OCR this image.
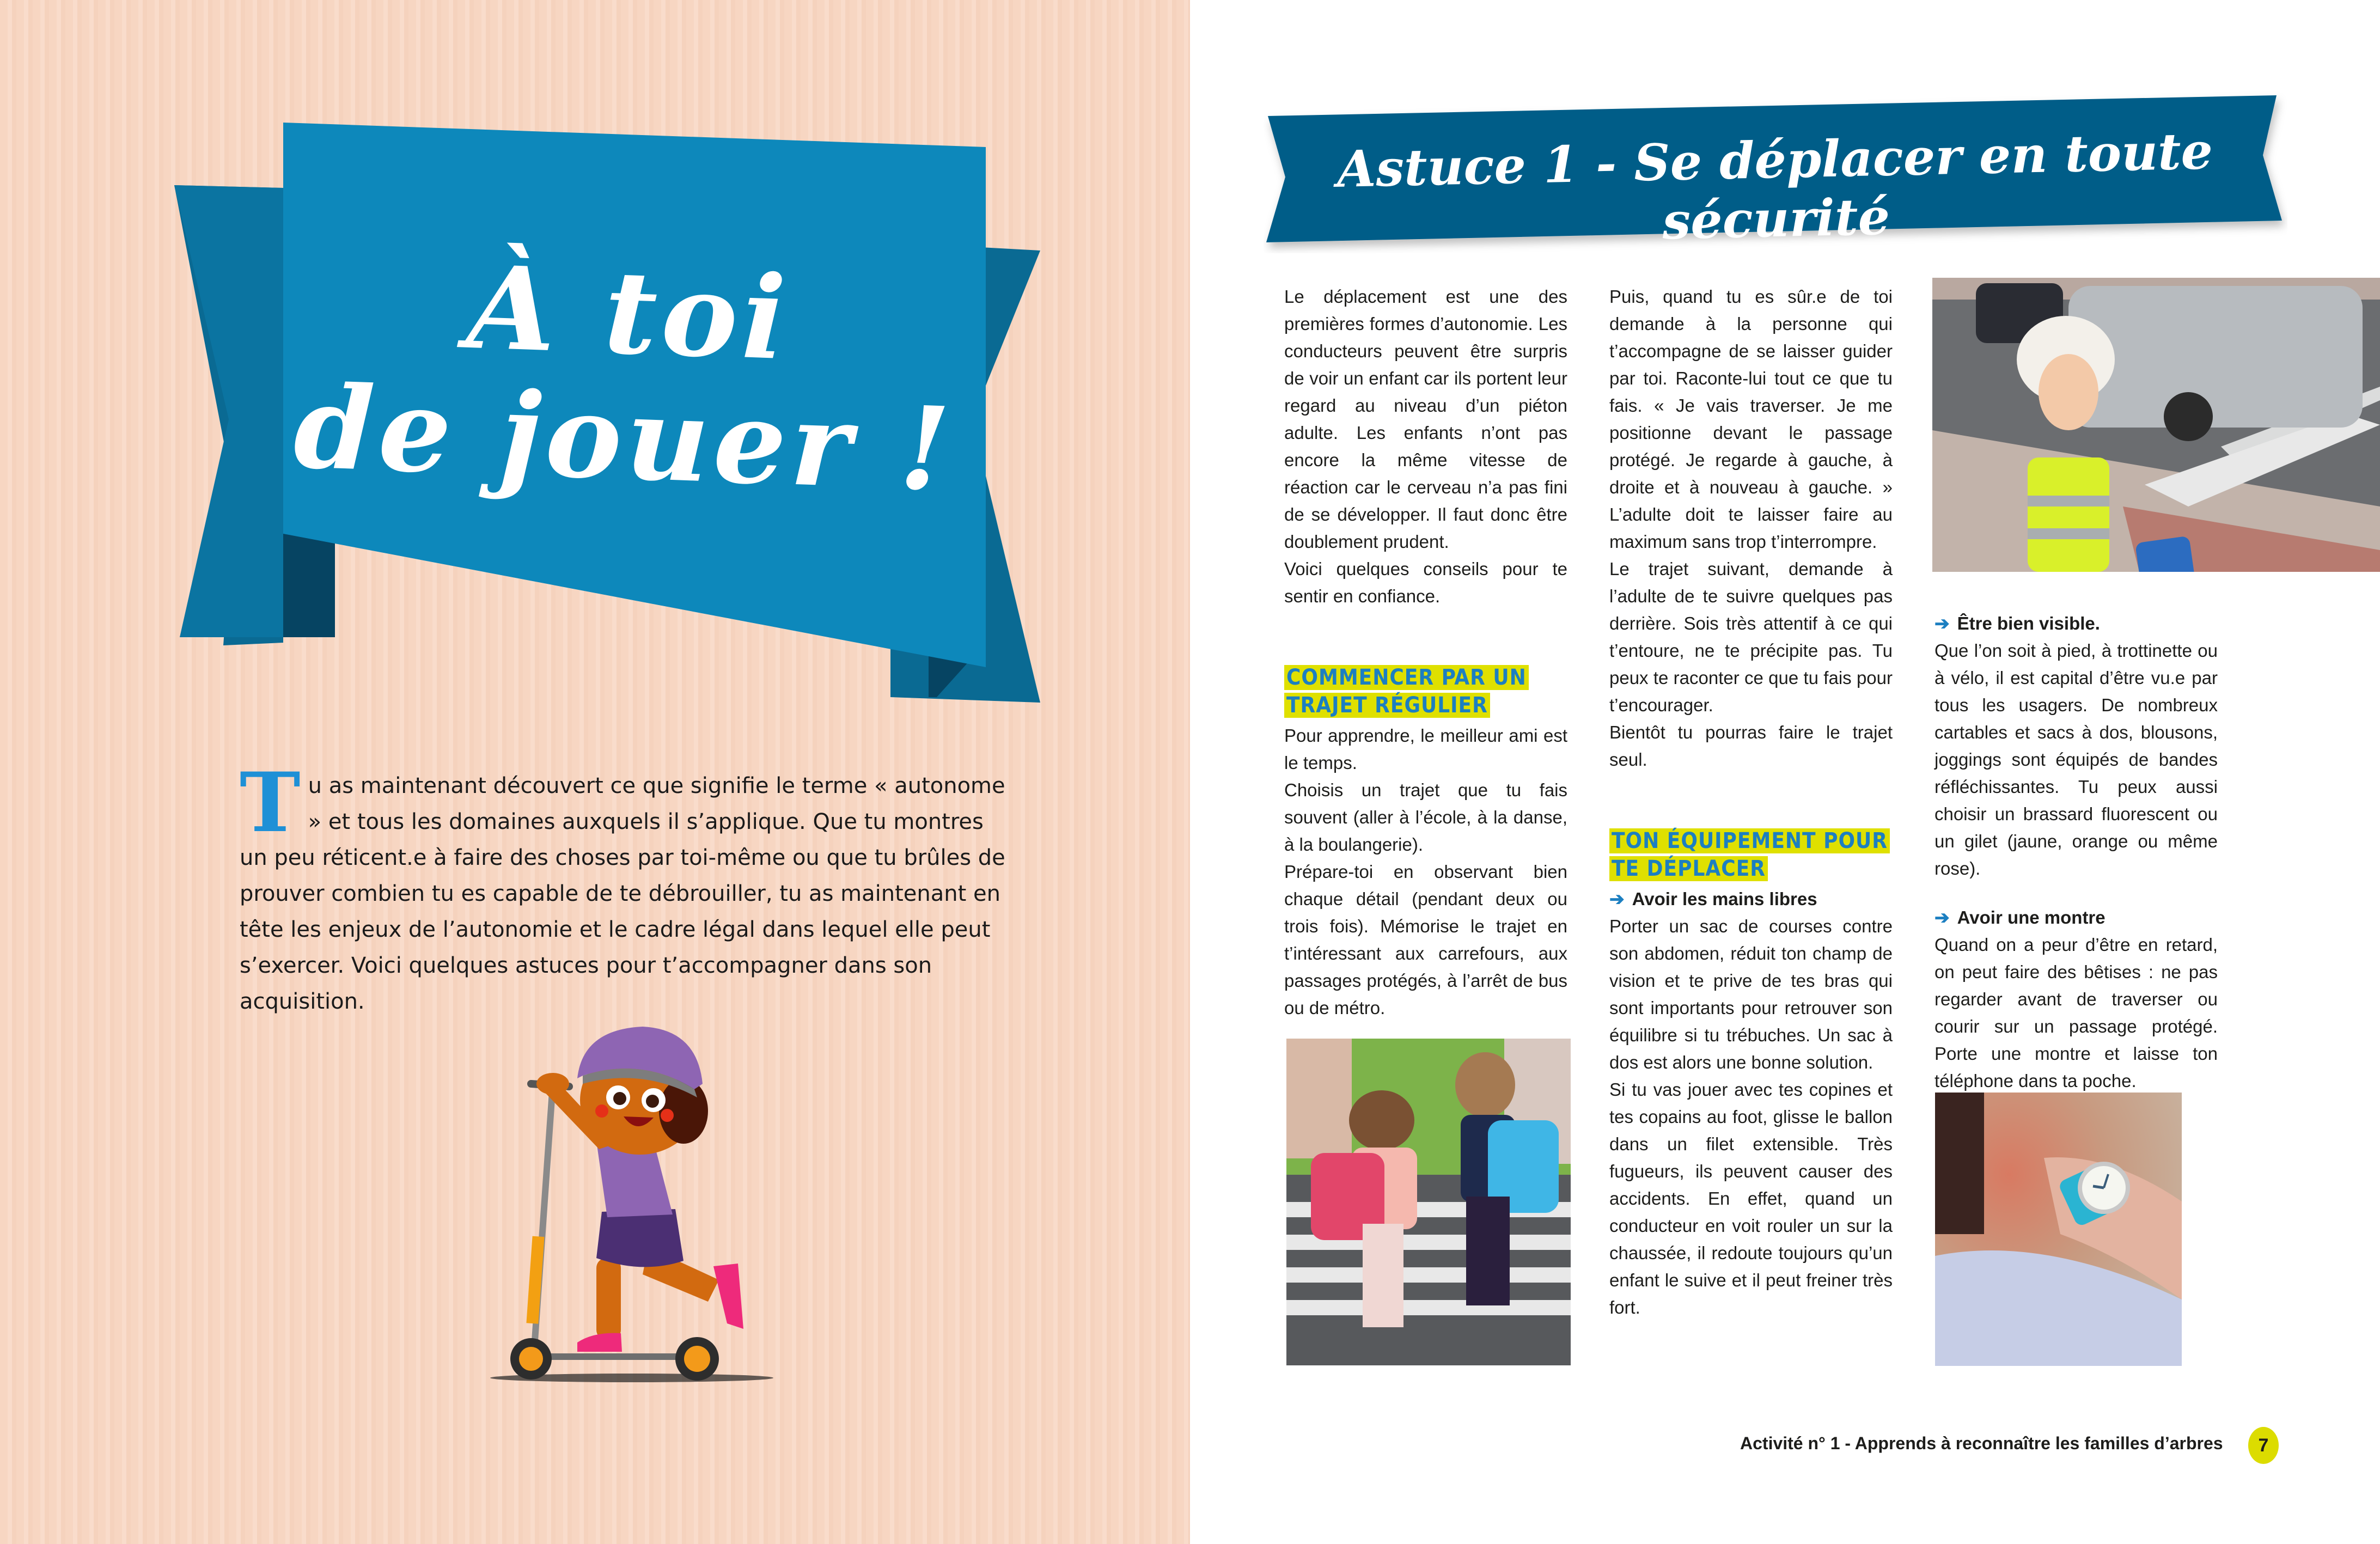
À toi
de jouer !
T u as maintenant découvert ce que signifie le terme « autonome » et tous les domaines auxquels il s’applique. Que tu montres un peu réticent.e à faire des choses par toi-même ou que tu brûles de prouver combien tu es capable de te débrouiller, tu as maintenant en tête les enjeux de l’autonomie et le cadre légal dans lequel elle peut s’exercer. Voici quelques astuces pour t’accompagner dans son acquisition.
Astuce 1 - Se déplacer en toute sécurité

Le déplacement est une des premières formes d’autonomie. Les conducteurs peuvent être surpris de voir un enfant car ils portent leur regard au niveau d’un piéton adulte. Les enfants n’ont pas encore la même vitesse de réaction car le cerveau n’a pas fini de se développer. Il faut donc être doublement prudent.

Voici quelques conseils pour te sentir en confiance.

COMMENCER PAR UN TRAJET RÉGULIER

Pour apprendre, le meilleur ami est le temps.

Choisis un trajet que tu fais souvent (aller à l’école, à la danse, à la boulangerie).

Prépare-toi en observant bien chaque détail (pendant deux ou trois fois). Mémorise le trajet en t’intéressant aux carrefours, aux passages protégés, à l’arrêt de bus ou de métro.

Puis, quand tu es sûr.e de toi demande à la personne qui t’accompagne de se laisser guider par toi. Raconte-lui tout ce que tu fais. « Je vais traverser. Je me positionne devant le passage protégé. Je regarde à gauche, à droite et à nouveau à gauche. » L’adulte doit te laisser faire au maximum sans trop t’interrompre.

Le trajet suivant, demande à l’adulte de te suivre quelques pas derrière. Sois très attentif à ce qui t’entoure, ne te précipite pas. Tu peux te raconter ce que tu fais pour t’encourager.

Bientôt tu pourras faire le trajet seul.

TON ÉQUIPEMENT POUR TE DÉPLACER

➔ Avoir les mains libres

Porter un sac de courses contre son abdomen, réduit ton champ de vision et te prive de tes bras qui sont importants pour retrouver son équilibre si tu trébuches. Un sac à dos est alors une bonne solution.

Si tu vas jouer avec tes copines et tes copains au foot, glisse le ballon dans un filet extensible. Très fugueurs, ils peuvent causer des accidents. En effet, quand un conducteur en voit rouler un sur la chaussée, il redoute toujours qu’un enfant le suive et il peut freiner très fort.

➔ Être bien visible.

Que l’on soit à pied, à trottinette ou à vélo, il est capital d’être vu.e par tous les usagers. De nombreux cartables et sacs à dos, blousons, joggings sont équipés de bandes réfléchissantes. Tu peux aussi choisir un brassard fluorescent ou un gilet (jaune, orange ou même rose).

➔ Avoir une montre

Quand on a peur d’être en retard, on peut faire des bêtises : ne pas regarder avant de traverser ou courir sur un passage protégé. Porte une montre et laisse ton téléphone dans ta poche.

Activité n° 1 - Apprends à reconnaître les familles d’arbres	7
